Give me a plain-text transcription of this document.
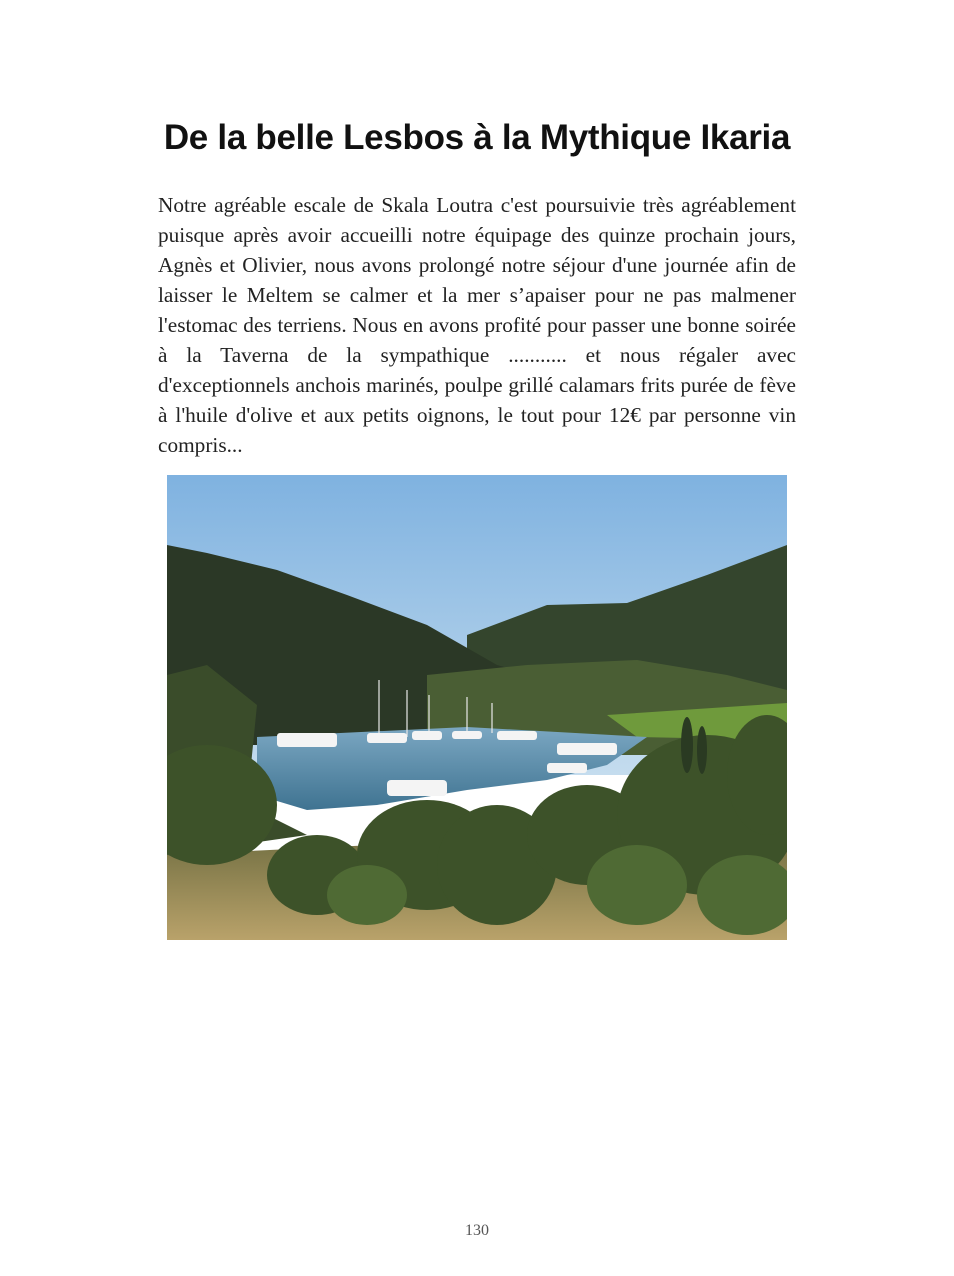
De la belle Lesbos à la Mythique Ikaria

Notre agréable escale de Skala Loutra c'est poursuivie très agréablement puisque après avoir accueilli notre équipage des quinze prochain jours, Agnès et Olivier, nous avons prolongé notre séjour d'une journée afin de laisser le Meltem se calmer et la mer s’apaiser pour ne pas malmener l'estomac des terriens. Nous en avons profité pour passer une bonne soirée à la Taverna de la sympathique ........... et nous régaler avec d'exceptionnels anchois marinés, poulpe grillé calamars frits purée de fève à l'huile d'olive et aux petits oignons, le tout pour 12€ par personne vin compris...

130
